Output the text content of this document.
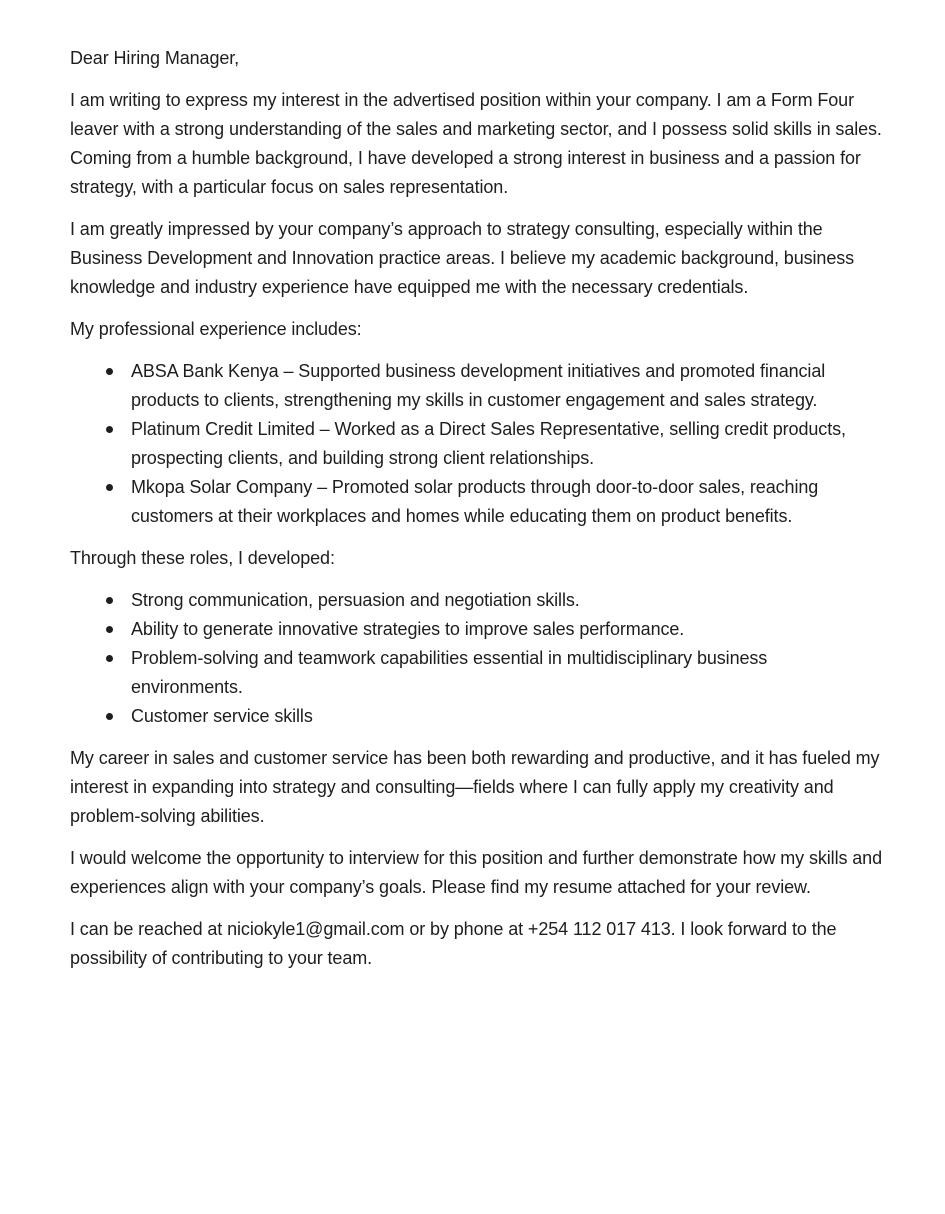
Dear Hiring Manager,

I am writing to express my interest in the advertised position within your company. I am a Form Four leaver with a strong understanding of the sales and marketing sector, and I possess solid skills in sales. Coming from a humble background, I have developed a strong interest in business and a passion for strategy, with a particular focus on sales representation.

I am greatly impressed by your company’s approach to strategy consulting, especially within the Business Development and Innovation practice areas. I believe my academic background, business knowledge and industry experience have equipped me with the necessary credentials.

My professional experience includes:

ABSA Bank Kenya – Supported business development initiatives and promoted financial products to clients, strengthening my skills in customer engagement and sales strategy.
Platinum Credit Limited – Worked as a Direct Sales Representative, selling credit products, prospecting clients, and building strong client relationships.
Mkopa Solar Company – Promoted solar products through door-to-door sales, reaching customers at their workplaces and homes while educating them on product benefits.

Through these roles, I developed:

Strong communication, persuasion and negotiation skills.
Ability to generate innovative strategies to improve sales performance.
Problem-solving and teamwork capabilities essential in multidisciplinary business environments.
Customer service skills

My career in sales and customer service has been both rewarding and productive, and it has fueled my interest in expanding into strategy and consulting—fields where I can fully apply my creativity and problem-solving abilities.

I would welcome the opportunity to interview for this position and further demonstrate how my skills and experiences align with your company’s goals. Please find my resume attached for your review.

I can be reached at niciokyle1@gmail.com or by phone at +254 112 017 413. I look forward to the possibility of contributing to your team.
